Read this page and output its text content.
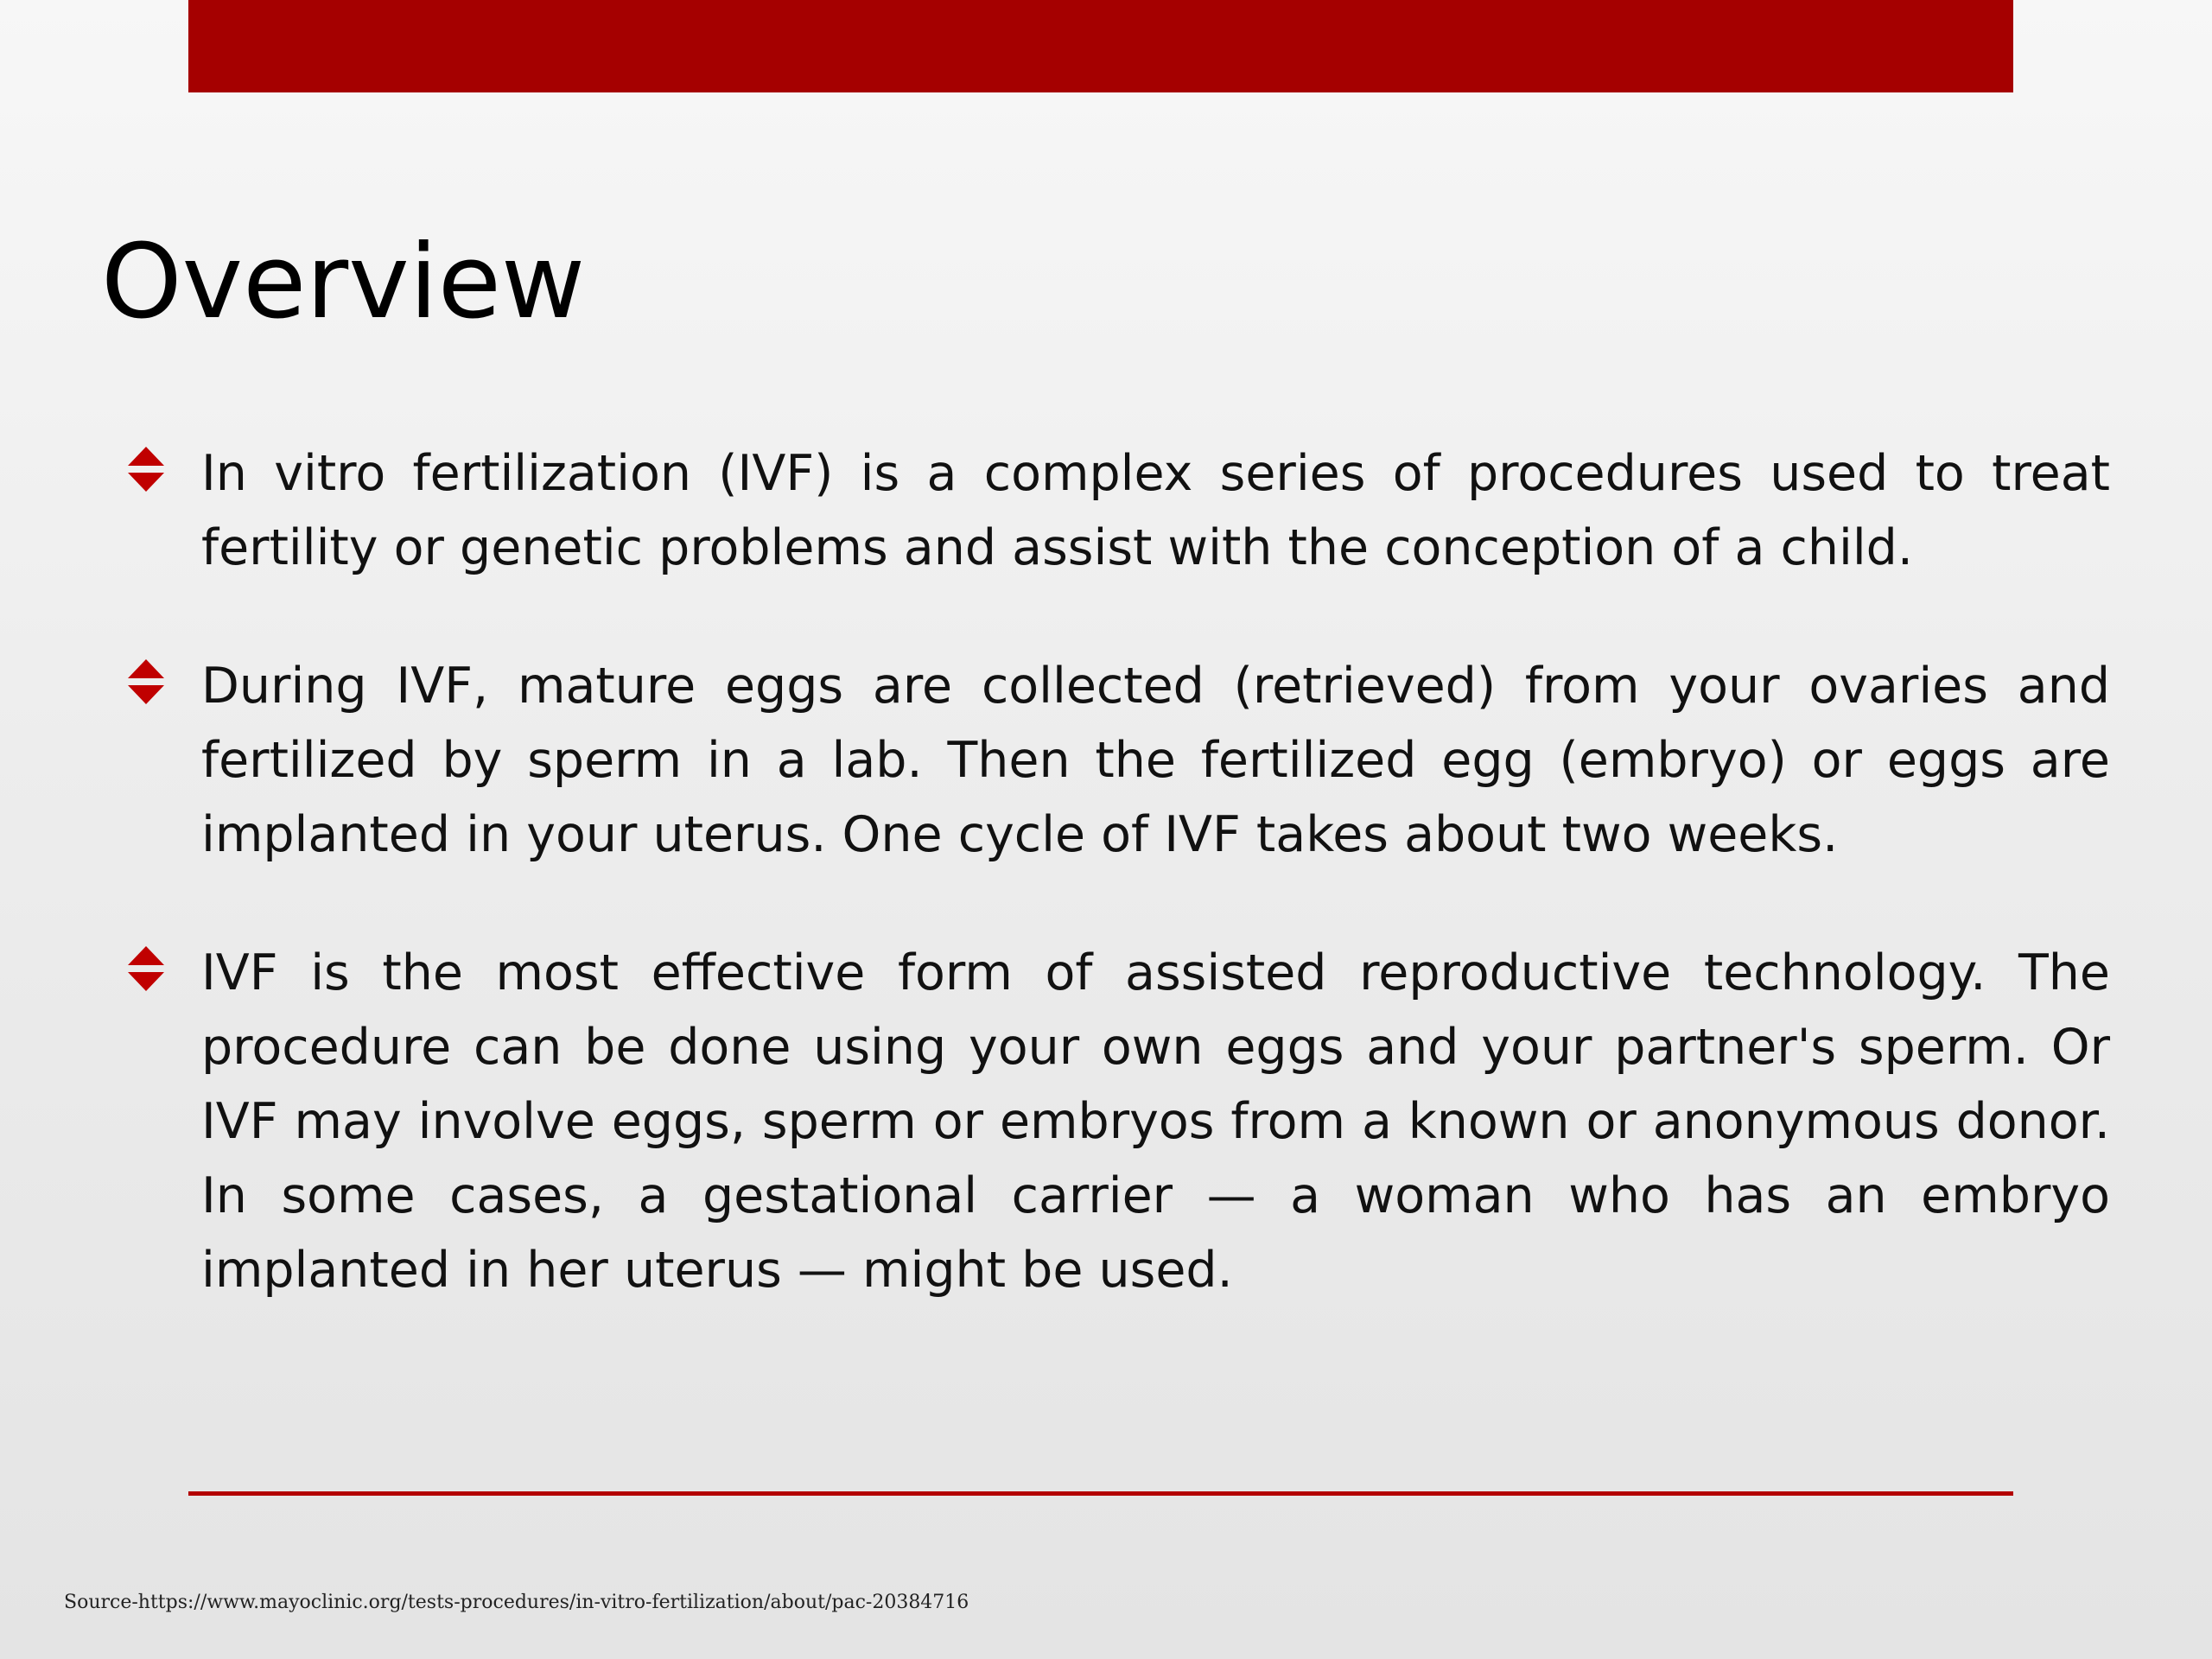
Overview
In vitro fertilization (IVF) is a complex series of procedures used to treat fertility or genetic problems and assist with the conception of a child.
During IVF, mature eggs are collected (retrieved) from your ovaries and fertilized by sperm in a lab. Then the fertilized egg (embryo) or eggs are implanted in your uterus. One cycle of IVF takes about two weeks.
IVF is the most effective form of assisted reproductive technology. The procedure can be done using your own eggs and your partner's sperm. Or IVF may involve eggs, sperm or embryos from a known or anonymous donor. In some cases, a gestational carrier — a woman who has an embryo implanted in her uterus — might be used.
Source-https://www.mayoclinic.org/tests-procedures/in-vitro-fertilization/about/pac-20384716
